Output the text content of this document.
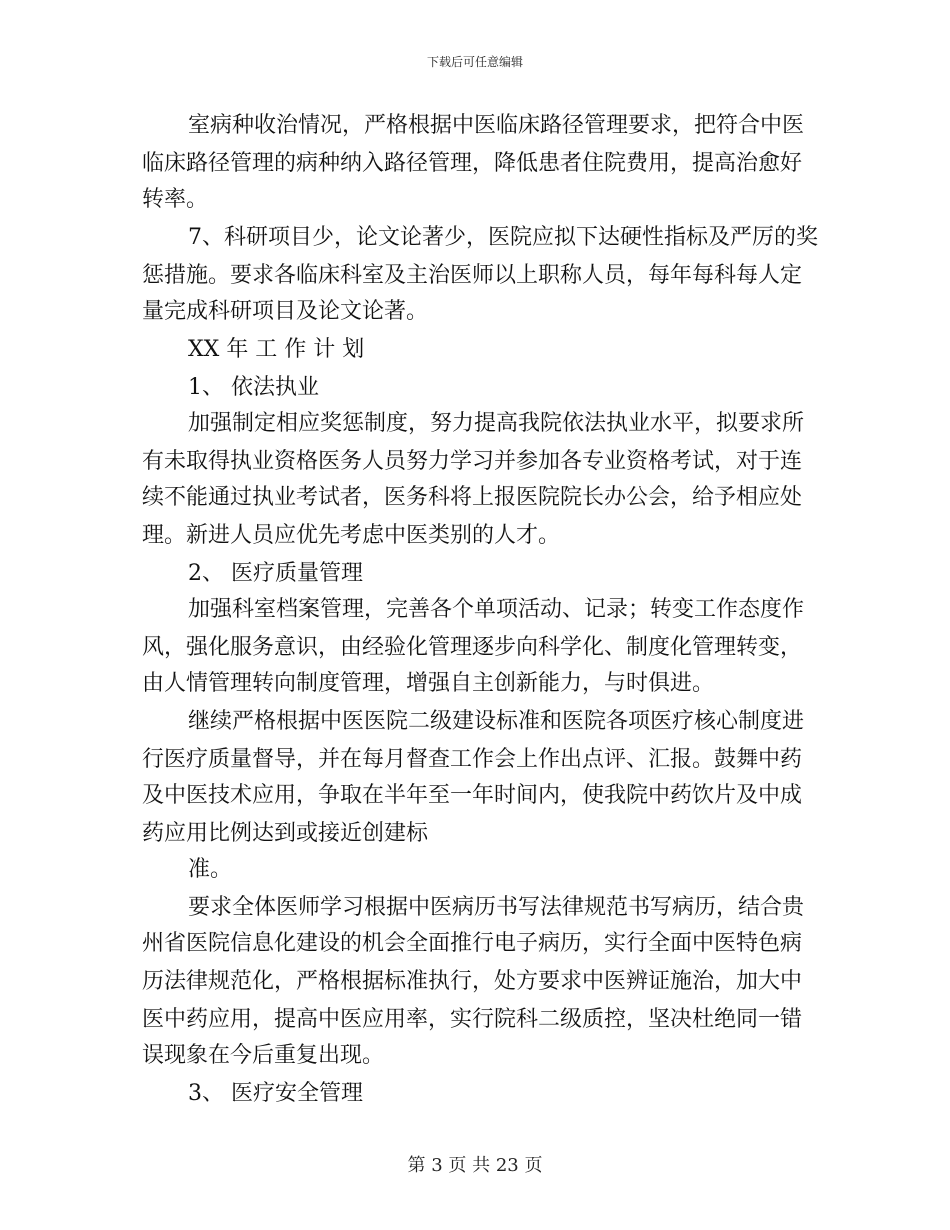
下载后可任意编辑
室病种收治情况，严格根据中医临床路径管理要求，把符合中医
临床路径管理的病种纳入路径管理，降低患者住院费用，提高治愈好
转率。
7、科研项目少，论文论著少，医院应拟下达硬性指标及严厉的奖
惩措施。要求各临床科室及主治医师以上职称人员，每年每科每人定
量完成科研项目及论文论著。
XX 年 工 作 计 划
1、 依法执业
加强制定相应奖惩制度，努力提高我院依法执业水平，拟要求所
有未取得执业资格医务人员努力学习并参加各专业资格考试，对于连
续不能通过执业考试者，医务科将上报医院院长办公会，给予相应处
理。新进人员应优先考虑中医类别的人才。
2、 医疗质量管理
加强科室档案管理，完善各个单项活动、记录；转变工作态度作
风，强化服务意识，由经验化管理逐步向科学化、制度化管理转变，
由人情管理转向制度管理，增强自主创新能力，与时俱进。
继续严格根据中医医院二级建设标准和医院各项医疗核心制度进
行医疗质量督导，并在每月督查工作会上作出点评、汇报。鼓舞中药
及中医技术应用，争取在半年至一年时间内，使我院中药饮片及中成
药应用比例达到或接近创建标
准。
要求全体医师学习根据中医病历书写法律规范书写病历，结合贵
州省医院信息化建设的机会全面推行电子病历，实行全面中医特色病
历法律规范化，严格根据标准执行，处方要求中医辨证施治，加大中
医中药应用，提高中医应用率，实行院科二级质控，坚决杜绝同一错
误现象在今后重复出现。
3、 医疗安全管理
第 3 页 共 23 页
